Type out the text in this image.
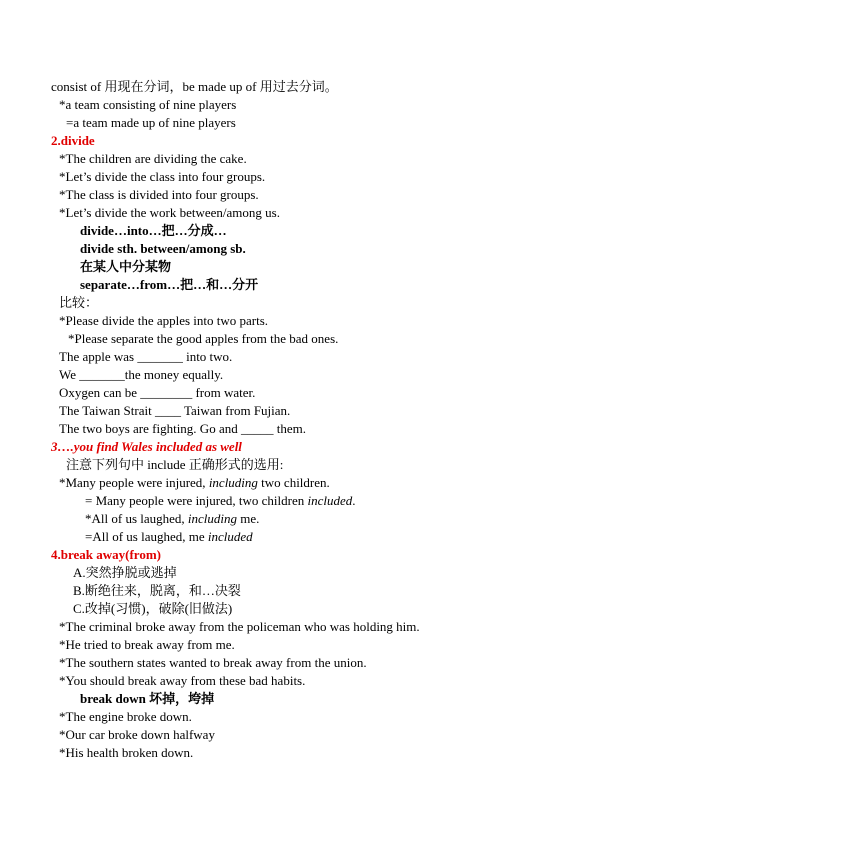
consist of 用现在分词，be made up of 用过去分词。
*a team consisting of nine players
=a team made up of nine players
2.divide
*The children are dividing the cake.
*Let’s divide the class into four groups.
*The class is divided into four groups.
*Let’s divide the work between/among us.
divide…into…把…分成…
divide sth. between/among sb.
在某人中分某物
separate…from…把…和…分开
比较：
*Please divide the apples into two parts.
*Please separate the good apples from the bad ones.
The apple was _______ into two.
We _______the money equally.
Oxygen can be ________ from water.
The Taiwan Strait ____ Taiwan from Fujian.
The two boys are fighting. Go and _____ them.
3….you find Wales included as well
注意下列句中 include 正确形式的选用:
*Many people were injured, including two children.
= Many people were injured, two children included.
*All of us laughed, including me.
=All of us laughed, me included
4.break away(from)
A.突然挣脱或逃掉
B.断绝往来，脱离，和…决裂
C.改掉(习惯)，破除(旧做法)
*The criminal broke away from the policeman who was holding him.
*He tried to break away from me.
*The southern states wanted to break away from the union.
*You should break away from these bad habits.
break down 坏掉，垮掉
*The engine broke down.
*Our car broke down halfway
*His health broken down.
